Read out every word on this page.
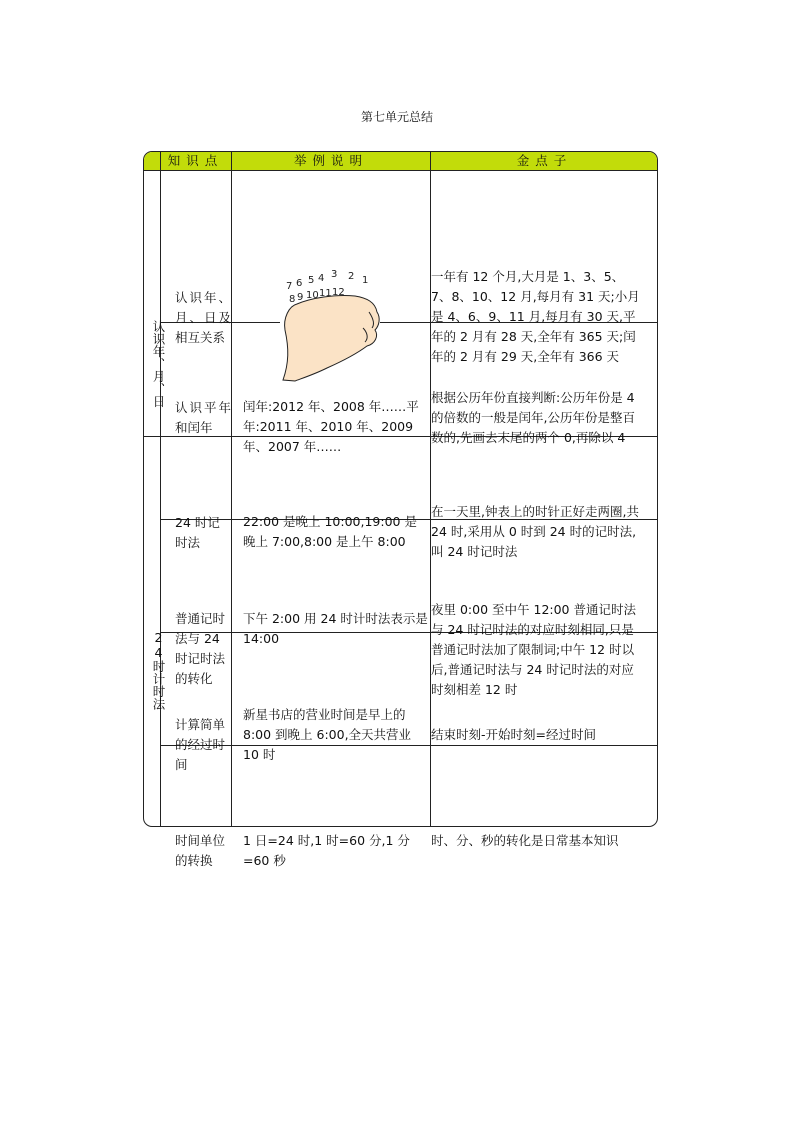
第七单元总结
知识点	举例说明	金点子
认识年、月、日
24时计时法
认识年、月、日及相互关系
7 6 5 4 3 2 1
8 9 10 11 12
一年有 12 个月,大月是 1、3、5、7、8、10、12 月,每月有 31 天;小月是 4、6、9、11 月,每月有 30 天,平年的 2 月有 28 天,全年有 365 天;闰年的 2 月有 29 天,全年有 366 天
认识平年和闰年
闰年:2012 年、2008 年……平年:2011 年、2010 年、2009 年、2007 年……
根据公历年份直接判断:公历年份是 4 的倍数的一般是闰年,公历年份是整百数的,先画去末尾的两个 0,再除以 4
24 时记时法
22:00 是晚上 10:00,19:00 是晚上 7:00,8:00 是上午 8:00
在一天里,钟表上的时针正好走两圈,共 24 时,采用从 0 时到 24 时的记时法,叫 24 时记时法
普通记时法与 24 时记时法的转化
下午 2:00 用 24 时计时法表示是 14:00
夜里 0:00 至中午 12:00 普通记时法与 24 时记时法的对应时刻相同,只是普通记时法加了限制词;中午 12 时以后,普通记时法与 24 时记时法的对应时刻相差 12 时
计算简单的经过时间
新星书店的营业时间是早上的 8:00 到晚上 6:00,全天共营业 10 时
结束时刻-开始时刻=经过时间
时间单位的转换
1 日=24 时,1 时=60 分,1 分=60 秒
时、分、秒的转化是日常基本知识
